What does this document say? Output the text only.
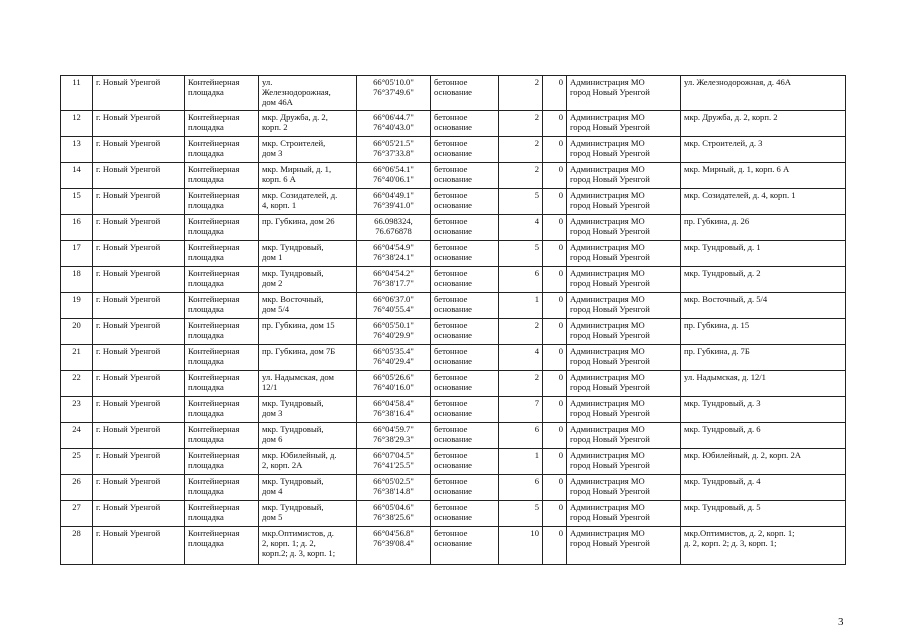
11	г. Новый Уренгой	Контейнерная
площадка	ул.
Железнодорожная,
дом 46А	66°05'10.0"
76°37'49.6"	бетонное
основание	2	0	Администрация МО
город Новый Уренгой	ул. Железнодорожная, д. 46А
12	г. Новый Уренгой	Контейнерная
площадка	мкр. Дружба, д. 2,
корп. 2	66°06'44.7"
76°40'43.0"	бетонное
основание	2	0	Администрация МО
город Новый Уренгой	мкр. Дружба, д. 2, корп. 2
13	г. Новый Уренгой	Контейнерная
площадка	мкр. Строителей,
дом 3	66°05'21.5"
76°37'33.8"	бетонное
основание	2	0	Администрация МО
город Новый Уренгой	мкр. Строителей, д. 3
14	г. Новый Уренгой	Контейнерная
площадка	мкр. Мирный, д. 1,
корп. 6 А	66°06'54.1"
76°40'06.1"	бетонное
основание	2	0	Администрация МО
город Новый Уренгой	мкр. Мирный, д. 1, корп. 6 А
15	г. Новый Уренгой	Контейнерная
площадка	мкр. Созидателей, д.
4, корп. 1	66°04'49.1"
76°39'41.0"	бетонное
основание	5	0	Администрация МО
город Новый Уренгой	мкр. Созидателей, д. 4, корп. 1
16	г. Новый Уренгой	Контейнерная
площадка	пр. Губкина, дом 26	66.098324,
76.676878	бетонное
основание	4	0	Администрация МО
город Новый Уренгой	пр. Губкина, д. 26
17	г. Новый Уренгой	Контейнерная
площадка	мкр. Тундровый,
дом 1	66°04'54.9"
76°38'24.1"	бетонное
основание	5	0	Администрация МО
город Новый Уренгой	мкр. Тундровый, д. 1
18	г. Новый Уренгой	Контейнерная
площадка	мкр. Тундровый,
дом 2	66°04'54.2"
76°38'17.7"	бетонное
основание	6	0	Администрация МО
город Новый Уренгой	мкр. Тундровый, д. 2
19	г. Новый Уренгой	Контейнерная
площадка	мкр. Восточный,
дом 5/4	66°06'37.0"
76°40'55.4"	бетонное
основание	1	0	Администрация МО
город Новый Уренгой	мкр. Восточный, д. 5/4
20	г. Новый Уренгой	Контейнерная
площадка	пр. Губкина, дом 15	66°05'50.1"
76°40'29.9"	бетонное
основание	2	0	Администрация МО
город Новый Уренгой	пр. Губкина, д. 15
21	г. Новый Уренгой	Контейнерная
площадка	пр. Губкина, дом 7Б	66°05'35.4"
76°40'29.4"	бетонное
основание	4	0	Администрация МО
город Новый Уренгой	пр. Губкина, д. 7Б
22	г. Новый Уренгой	Контейнерная
площадка	ул. Надымская, дом
12/1	66°05'26.6"
76°40'16.0"	бетонное
основание	2	0	Администрация МО
город Новый Уренгой	ул. Надымская, д. 12/1
23	г. Новый Уренгой	Контейнерная
площадка	мкр. Тундровый,
дом 3	66°04'58.4"
76°38'16.4"	бетонное
основание	7	0	Администрация МО
город Новый Уренгой	мкр. Тундровый, д. 3
24	г. Новый Уренгой	Контейнерная
площадка	мкр. Тундровый,
дом 6	66°04'59.7"
76°38'29.3"	бетонное
основание	6	0	Администрация МО
город Новый Уренгой	мкр. Тундровый, д. 6
25	г. Новый Уренгой	Контейнерная
площадка	мкр. Юбилейный, д.
2, корп. 2А	66°07'04.5"
76°41'25.5"	бетонное
основание	1	0	Администрация МО
город Новый Уренгой	мкр. Юбилейный, д. 2, корп. 2А
26	г. Новый Уренгой	Контейнерная
площадка	мкр. Тундровый,
дом 4	66°05'02.5"
76°38'14.8"	бетонное
основание	6	0	Администрация МО
город Новый Уренгой	мкр. Тундровый, д. 4
27	г. Новый Уренгой	Контейнерная
площадка	мкр. Тундровый,
дом 5	66°05'04.6"
76°38'25.6"	бетонное
основание	5	0	Администрация МО
город Новый Уренгой	мкр. Тундровый, д. 5
28	г. Новый Уренгой	Контейнерная
площадка	мкр.Оптимистов, д.
2, корп. 1; д. 2,
корп.2; д. 3, корп. 1;	66°04'56.8"
76°39'08.4"	бетонное
основание	10	0	Администрация МО
город Новый Уренгой	мкр.Оптимистов, д. 2, корп. 1;
д. 2, корп. 2; д. 3, корп. 1;
3
